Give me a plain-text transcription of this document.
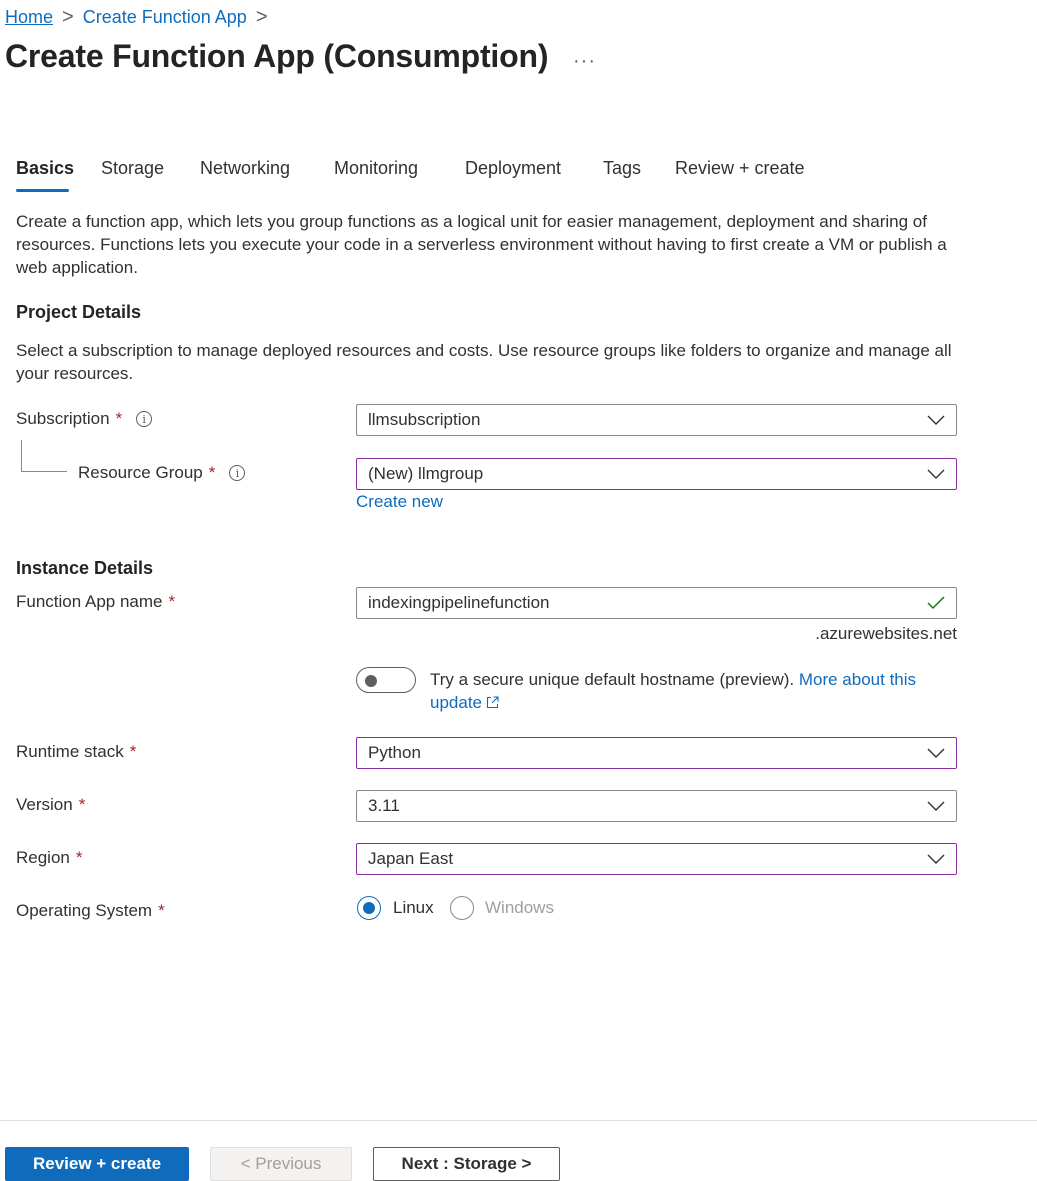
Home > Create Function App >
Create Function App (Consumption) ···
Basics Storage Networking Monitoring	Deployment Tags Review + create
Create a function app, which lets you group functions as a logical unit for easier management, deployment and sharing of resources. Functions lets you execute your code in a serverless environment without having to first create a VM or publish a web application.
Project Details
Select a subscription to manage deployed resources and costs. Use resource groups like folders to organize and manage all your resources.
Subscription *	i	llmsubscription
Resource Group *	i	(New) llmgroup
Create new
Instance Details
Function App name *	indexingpipelinefunction
.azurewebsites.net
Try a secure unique default hostname (preview). More about this update
Runtime stack *	Python
Version *	3.11
Region *	Japan East
Operating System *	Linux	Windows
Review + create	< Previous	Next : Storage >
